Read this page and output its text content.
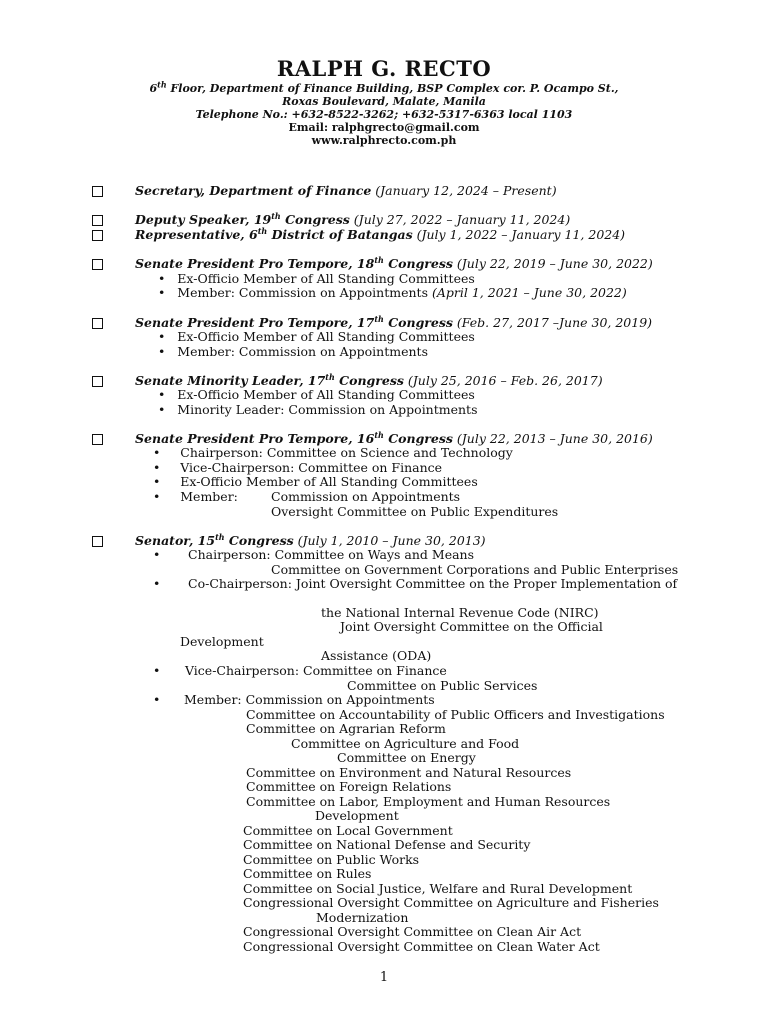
RALPH G. RECTO
6th Floor, Department of Finance Building, BSP Complex cor. P. Ocampo St.,
Roxas Boulevard, Malate, Manila
Telephone No.: +632-8522-3262; +632-5317-6363 local 1103
Email: ralphgrecto@gmail.com
www.ralphrecto.com.ph
Secretary, Department of Finance (January 12, 2024 – Present)
Deputy Speaker, 19th Congress (July 27, 2022 – January 11, 2024)
Representative, 6th District of Batangas (July 1, 2022 – January 11, 2024)
Senate President Pro Tempore, 18th Congress (July 22, 2019 – June 30, 2022)
• Ex-Officio Member of All Standing Committees
• Member: Commission on Appointments (April 1, 2021 – June 30, 2022)
Senate President Pro Tempore, 17th Congress (Feb. 27, 2017 –June 30, 2019)
• Ex-Officio Member of All Standing Committees
• Member: Commission on Appointments
Senate Minority Leader, 17th Congress (July 25, 2016 – Feb. 26, 2017)
• Ex-Officio Member of All Standing Committees
• Minority Leader: Commission on Appointments
Senate President Pro Tempore, 16th Congress (July 22, 2013 – June 30, 2016)
• Chairperson: Committee on Science and Technology
• Vice-Chairperson: Committee on Finance
• Ex-Officio Member of All Standing Committees
• Member:	Commission on Appointments
Oversight Committee on Public Expenditures
Senator, 15th Congress (July 1, 2010 – June 30, 2013)
• Chairperson: Committee on Ways and Means
Committee on Government Corporations and Public Enterprises
• Co-Chairperson: Joint Oversight Committee on the Proper Implementation of
the National Internal Revenue Code (NIRC)
Joint Oversight Committee on the Official
Development
Assistance (ODA)
• Vice-Chairperson: Committee on Finance
Committee on Public Services
• Member: Commission on Appointments
Committee on Accountability of Public Officers and Investigations
Committee on Agrarian Reform
Committee on Agriculture and Food
Committee on Energy
Committee on Environment and Natural Resources
Committee on Foreign Relations
Committee on Labor, Employment and Human Resources
Development
Committee on Local Government
Committee on National Defense and Security
Committee on Public Works
Committee on Rules
Committee on Social Justice, Welfare and Rural Development
Congressional Oversight Committee on Agriculture and Fisheries
Modernization
Congressional Oversight Committee on Clean Air Act
Congressional Oversight Committee on Clean Water Act
1
